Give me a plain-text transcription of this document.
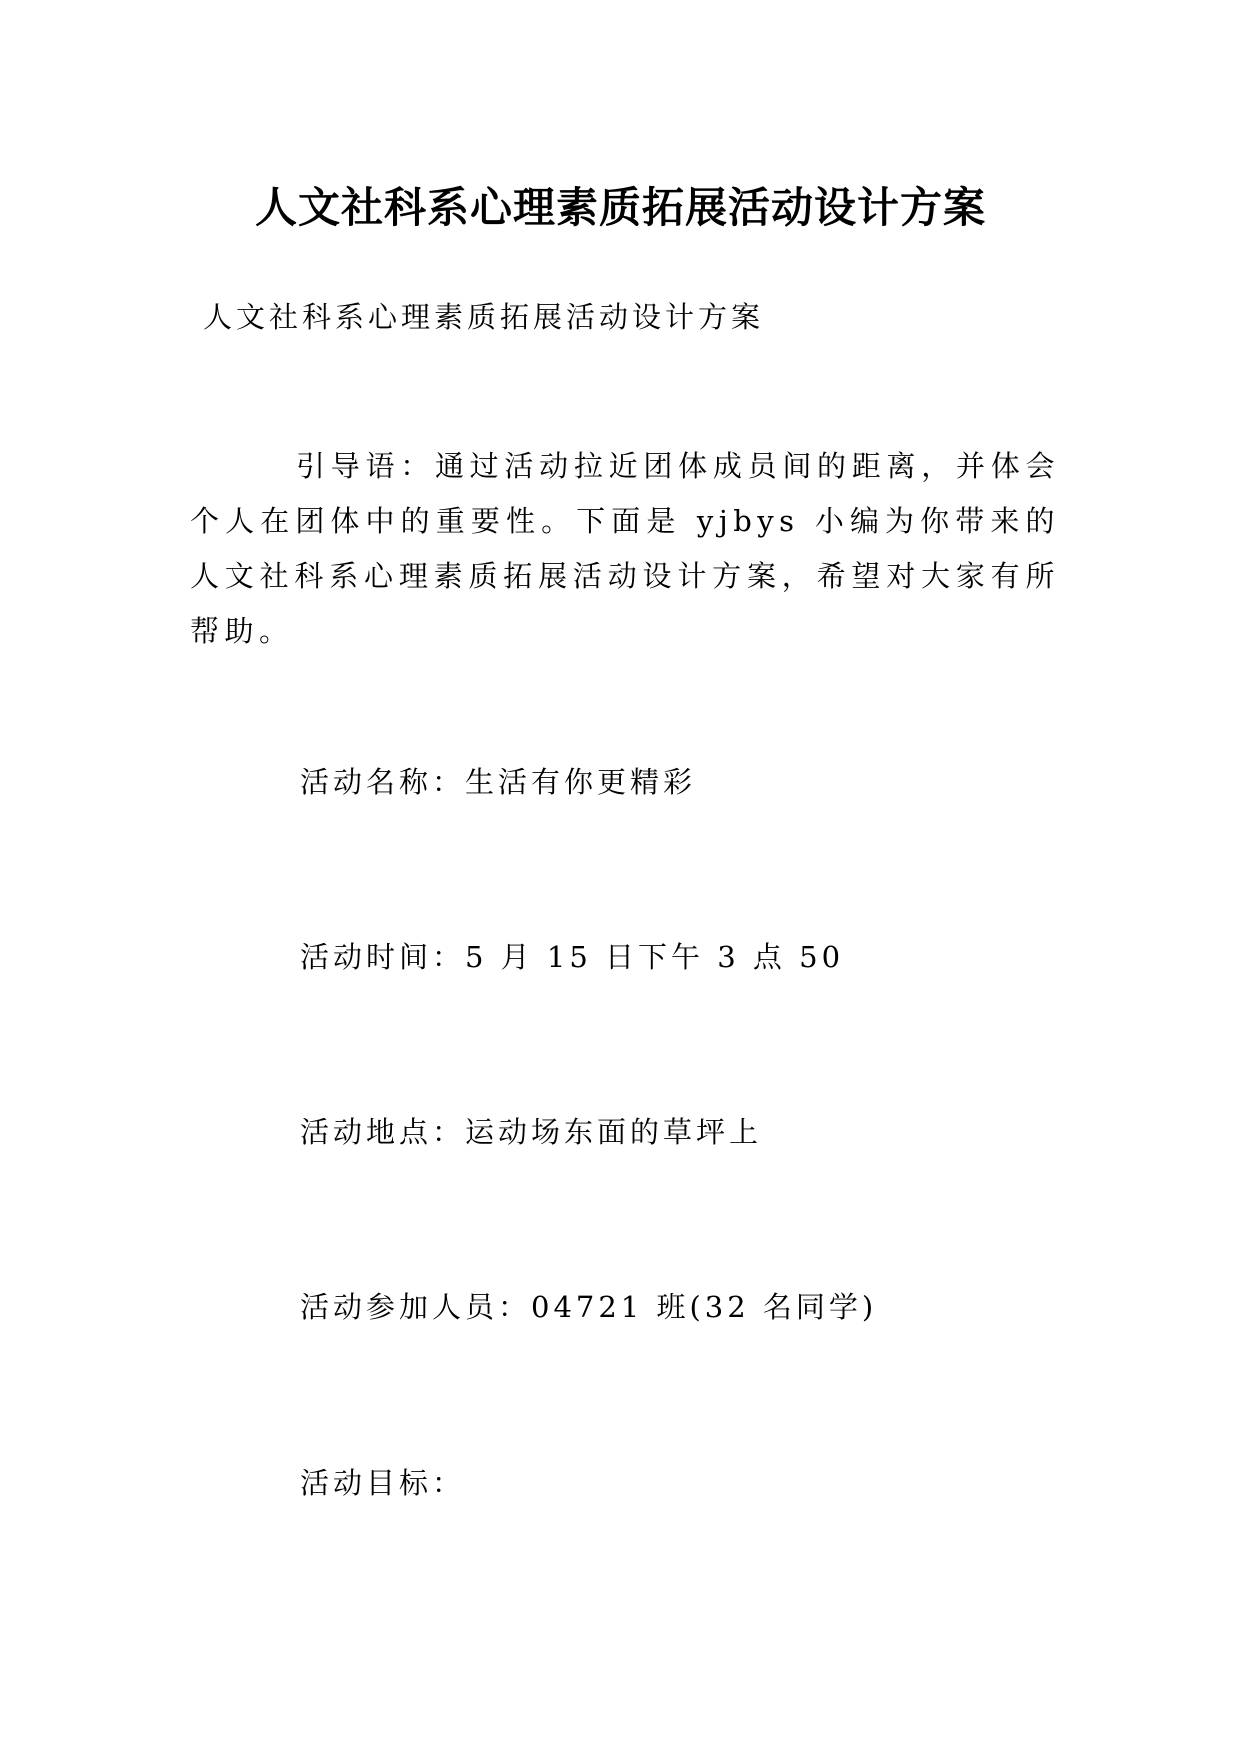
人文社科系心理素质拓展活动设计方案
人文社科系心理素质拓展活动设计方案

引导语：通过活动拉近团体成员间的距离，并体会个人在团体中的重要性。下面是 yjbys 小编为你带来的人文社科系心理素质拓展活动设计方案，希望对大家有所帮助。

活动名称：生活有你更精彩
活动时间：5 月 15 日下午 3 点 50
活动地点：运动场东面的草坪上
活动参加人员：04721 班(32 名同学)
活动目标：
